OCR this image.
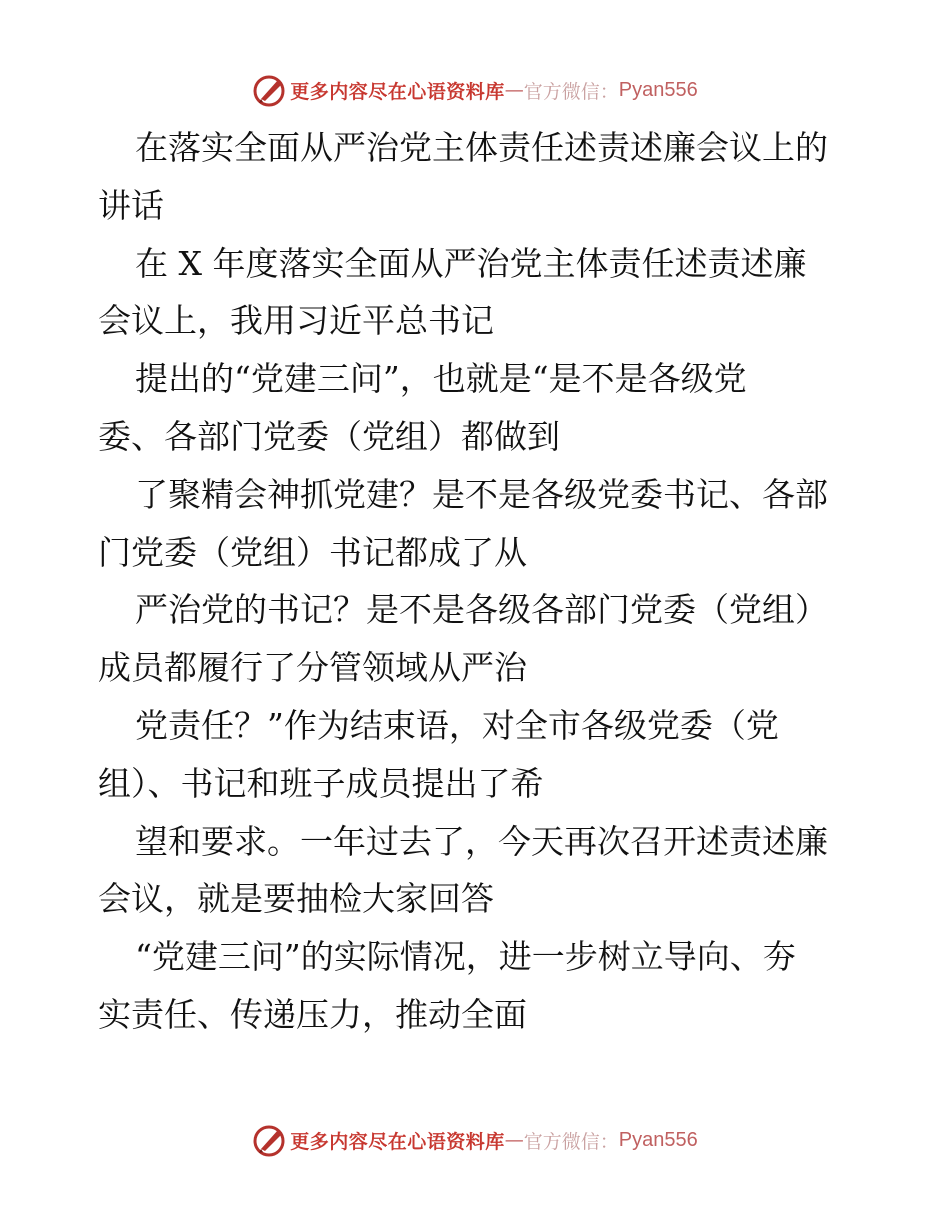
更多内容尽在心语资料库 — 官方微信： Pyan556
在落实全面从严治党主体责任述责述廉会议上的
讲话
在 X 年度落实全面从严治党主体责任述责述廉
会议上，我用习近平总书记
提出的“党建三问”，也就是“是不是各级党
委、各部门党委（党组）都做到
了聚精会神抓党建？是不是各级党委书记、各部
门党委（党组）书记都成了从
严治党的书记？是不是各级各部门党委（党组）
成员都履行了分管领域从严治
党责任？”作为结束语，对全市各级党委（党
组）、书记和班子成员提出了希
望和要求。一年过去了，今天再次召开述责述廉
会议，就是要抽检大家回答
“党建三问”的实际情况，进一步树立导向、夯
实责任、传递压力，推动全面
更多内容尽在心语资料库 — 官方微信： Pyan556
